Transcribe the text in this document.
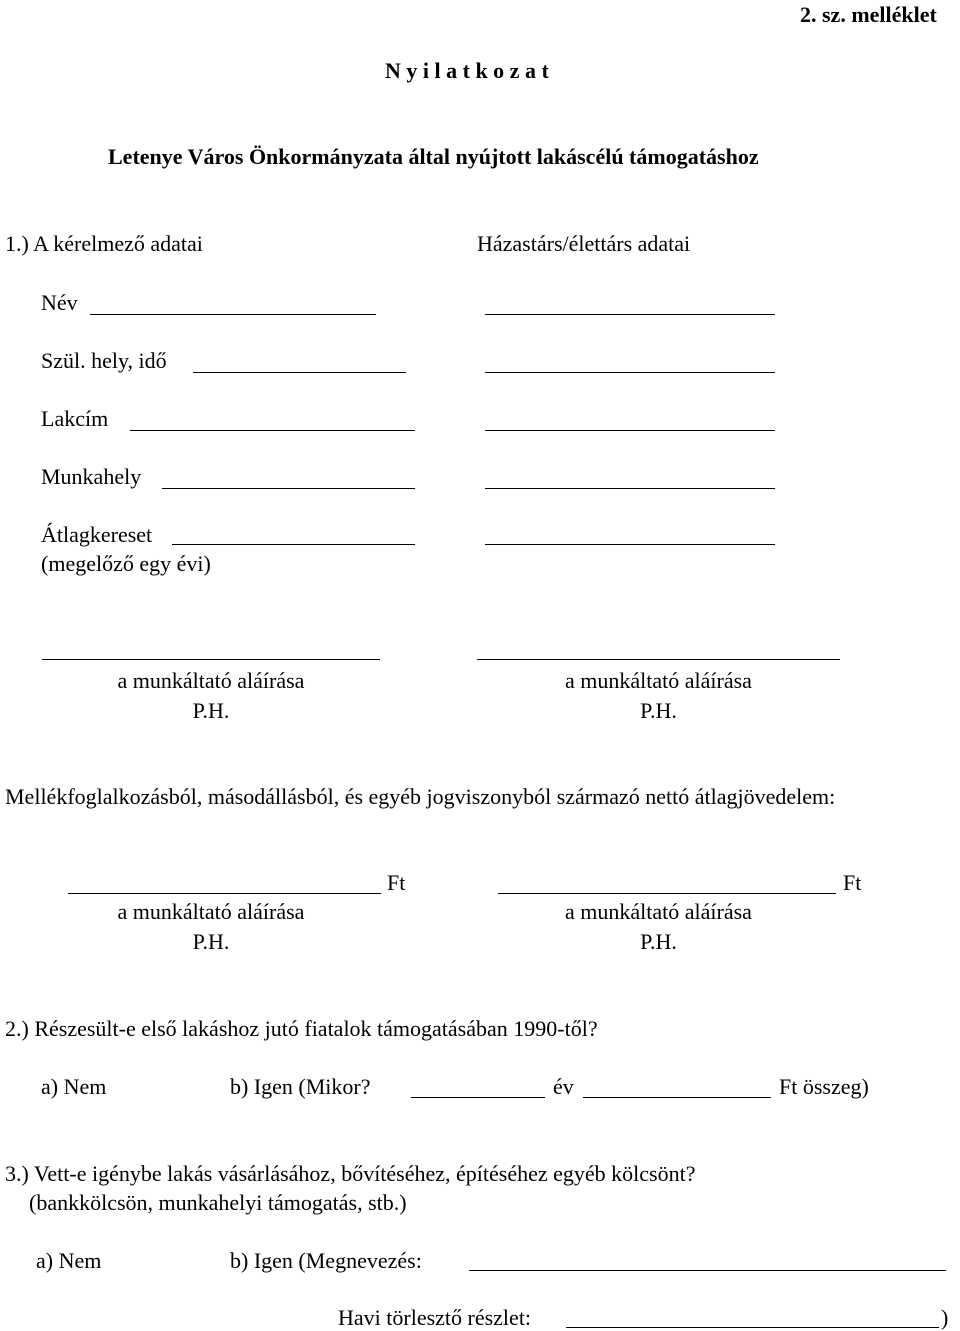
2. sz. melléklet
N y i l a t k o z a t
Letenye Város Önkormányzata által nyújtott lakáscélú támogatáshoz
1.) A kérelmező adatai	Házastárs/élettárs adatai
Név
Szül. hely, idő
Lakcím
Munkahely
Átlagkereset
(megelőző egy évi)
a munkáltató aláírása	a munkáltató aláírása
P.H.	P.H.
Mellékfoglalkozásból, másodállásból, és egyéb jogviszonyból származó nettó átlagjövedelem:
Ft	Ft
a munkáltató aláírása	a munkáltató aláírása
P.H.	P.H.
2.) Részesült-e első lakáshoz jutó fiatalok támogatásában 1990-től?
a) Nem	b) Igen (Mikor?	év	Ft összeg)
3.) Vett-e igénybe lakás vásárlásához, bővítéséhez, építéséhez egyéb kölcsönt?
(bankkölcsön, munkahelyi támogatás, stb.)
a) Nem	b) Igen (Megnevezés:
Havi törlesztő részlet:	)
